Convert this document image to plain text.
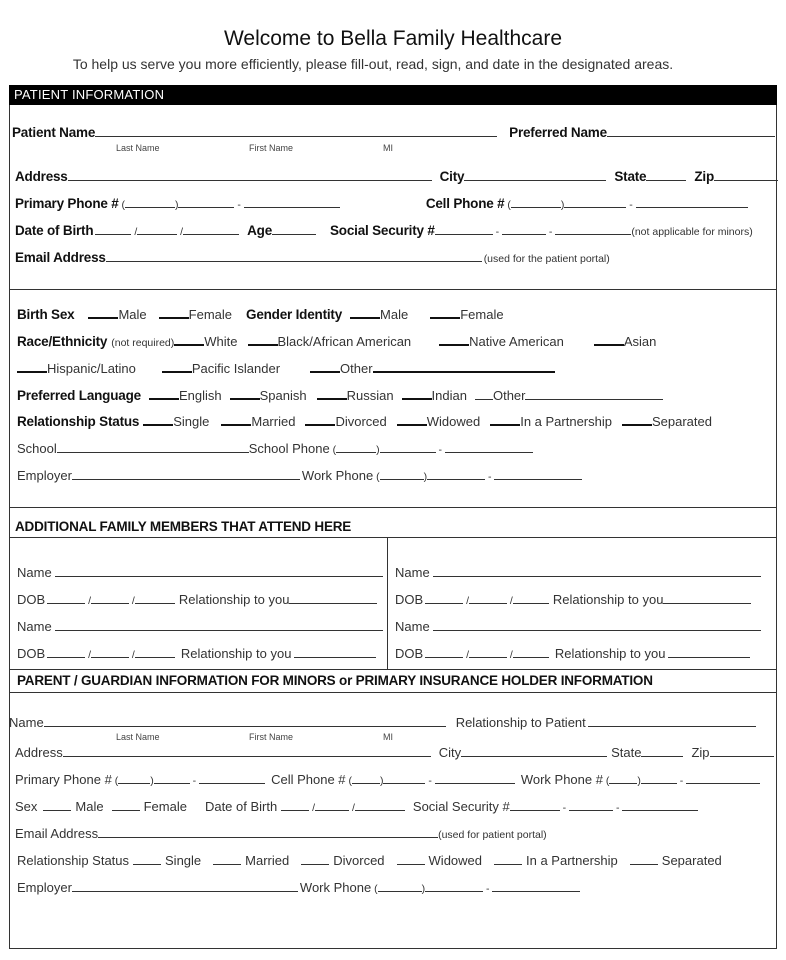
Welcome to Bella Family Healthcare
To help us serve you more efficiently, please fill-out, read, sign, and date in the designated areas.
PATIENT INFORMATION
Patient Name	Preferred Name
Last Name	First Name	MI
Address	City	State	Zip
Primary Phone # (	)	-	Cell Phone # (	)	-
Date of Birth	/	/	Age	Social Security #	-	-	(not applicable for minors)
Email Address	(used for the patient portal)
Birth Sex	Male	Female Gender Identity	Male	Female
Race/Ethnicity (not required) White	Black/African American	Native American	Asian
Hispanic/Latino	Pacific Islander	Other
Preferred Language	English	Spanish	Russian	Indian Other
Relationship Status	Single	Married	Divorced	Widowed	In a Partnership	Separated
School	School Phone (	)	-
Employer	Work Phone (	)	-
ADDITIONAL FAMILY MEMBERS THAT ATTEND HERE
Name
DOB	/	/	Relationship to you
Name
DOB	/	/	Relationship to you
Name
DOB	/	/	Relationship to you
Name
DOB	/	/	Relationship to you
PARENT / GUARDIAN INFORMATION FOR MINORS or PRIMARY INSURANCE HOLDER INFORMATION
Name	Relationship to Patient
Last Name	First Name	MI
Address	City	State	Zip
Primary Phone # (	)	-	Cell Phone # (	)	-	Work Phone # (	)	-
Sex	Male	Female Date of Birth	/	/	Social Security #	-	-
Email Address	(used for patient portal)
Relationship Status	Single	Married	Divorced	Widowed	In a Partnership	Separated
Employer	Work Phone (	)	-
